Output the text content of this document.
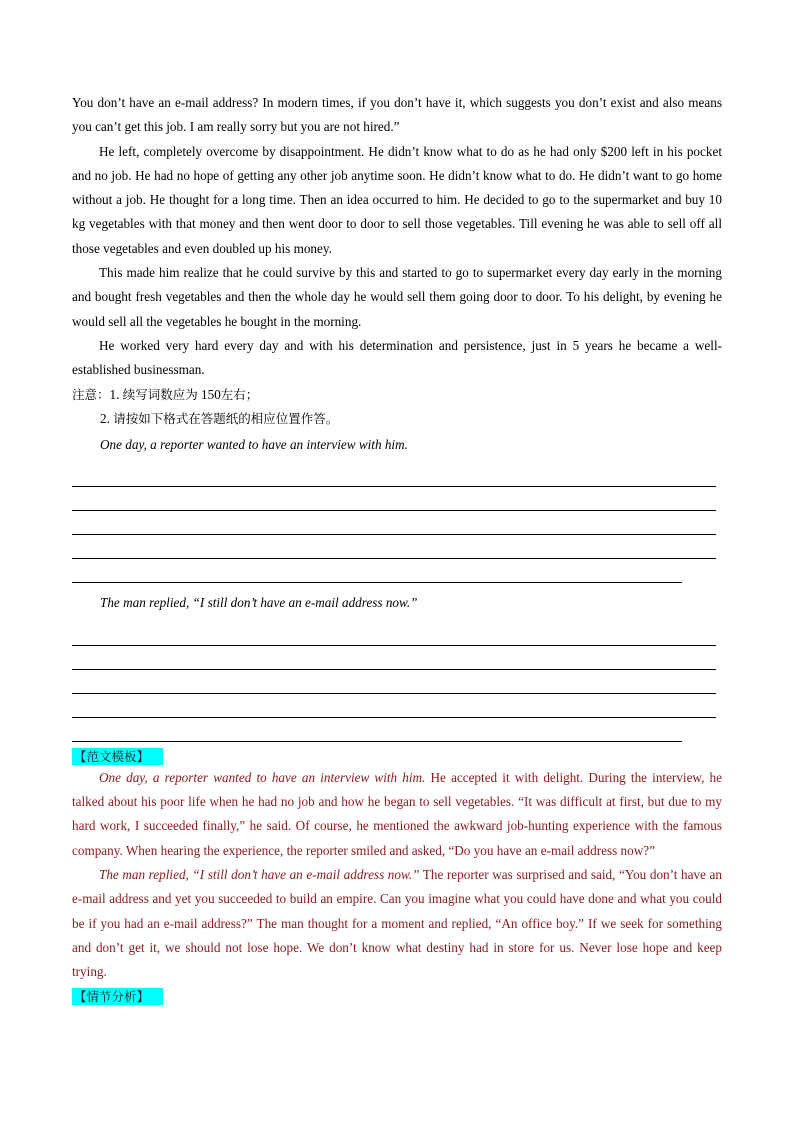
You don’t have an e-mail address? In modern times, if you don’t have it, which suggests you don’t exist and also means you can’t get this job. I am really sorry but you are not hired.”

He left, completely overcome by disappointment. He didn’t know what to do as he had only $200 left in his pocket and no job. He had no hope of getting any other job anytime soon. He didn’t know what to do. He didn’t want to go home without a job. He thought for a long time. Then an idea occurred to him. He decided to go to the supermarket and buy 10 kg vegetables with that money and then went door to door to sell those vegetables. Till evening he was able to sell off all those vegetables and even doubled up his money.

This made him realize that he could survive by this and started to go to supermarket every day early in the morning and bought fresh vegetables and then the whole day he would sell them going door to door. To his delight, by evening he would sell all the vegetables he bought in the morning.

He worked very hard every day and with his determination and persistence, just in 5 years he became a well-established businessman.

注意：1. 续写词数应为 150左右；
2. 请按如下格式在答题纸的相应位置作答。
One day, a reporter wanted to have an interview with him.
The man replied, “I still don’t have an e-mail address now.”
【范文模板】

One day, a reporter wanted to have an interview with him. He accepted it with delight. During the interview, he talked about his poor life when he had no job and how he began to sell vegetables. “It was difficult at first, but due to my hard work, I succeeded finally,” he said. Of course, he mentioned the awkward job-hunting experience with the famous company. When hearing the experience, the reporter smiled and asked, “Do you have an e-mail address now?”

The man replied, “I still don’t have an e-mail address now.” The reporter was surprised and said, “You don’t have an e-mail address and yet you succeeded to build an empire. Can you imagine what you could have done and what you could be if you had an e-mail address?” The man thought for a moment and replied, “An office boy.” If we seek for something and don’t get it, we should not lose hope. We don’t know what destiny had in store for us. Never lose hope and keep trying.

【情节分析】
